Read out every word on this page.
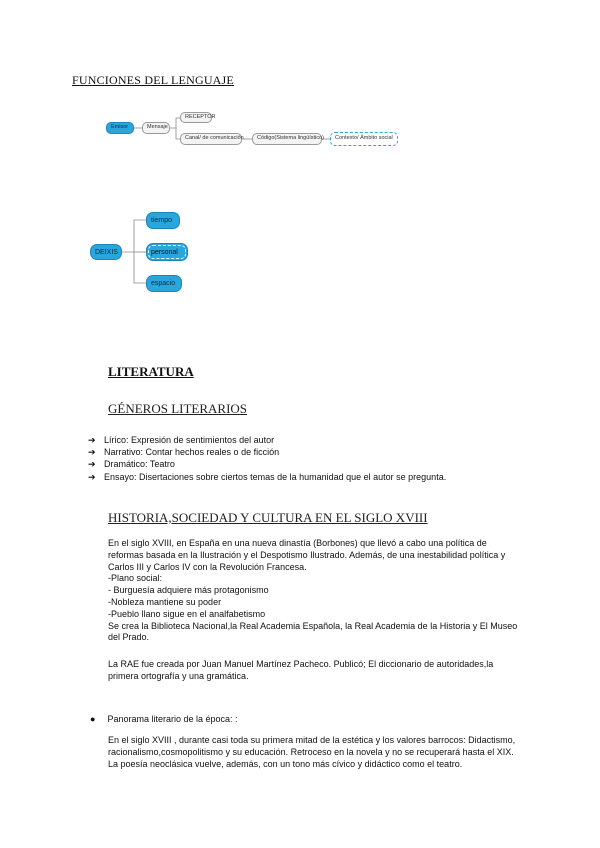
FUNCIONES DEL LENGUAJE
Emisor	Mensaje
RECEPTOR
Canal/ de comunicación	Código(Sistema lingüístico)	Contexto/ Ámbito social
DEIXIS
tiempo
personal
espacio
LITERATURA
GÉNEROS LITERARIOS
➔ Lírico: Expresión de sentimientos del autor
➔ Narrativo: Contar hechos reales o de ficción
➔ Dramático: Teatro
➔ Ensayo: Disertaciones sobre ciertos temas de la humanidad que el autor se pregunta.
HISTORIA,SOCIEDAD Y CULTURA EN EL SIGLO XVIII

En el siglo XVIII, en España en una nueva dinastía (Borbones) que llevó a cabo una política de

reformas basada en la Ilustración y el Despotismo Ilustrado. Además, de una inestabilidad política y

Carlos III y Carlos IV con la Revolución Francesa.

-Plano social:

- Burguesía adquiere más protagonismo

-Nobleza mantiene su poder

-Pueblo llano sigue en el analfabetismo

Se crea la Biblioteca Nacional,la Real Academia Española, la Real Academia de la Historia y El Museo

del Prado.

La RAE fue creada por Juan Manuel Martínez Pacheco. Publicó; El diccionario de autoridades,la

primera ortografía y una gramática.

● Panorama literario de la época: :

En el siglo XVIII , durante casi toda su primera mitad de la estética y los valores barrocos: Didactismo,

racionalismo,cosmopolitismo y su educación. Retroceso en la novela y no se recuperará hasta el XIX.

La poesía neoclásica vuelve, además, con un tono más cívico y didáctico como el teatro.
